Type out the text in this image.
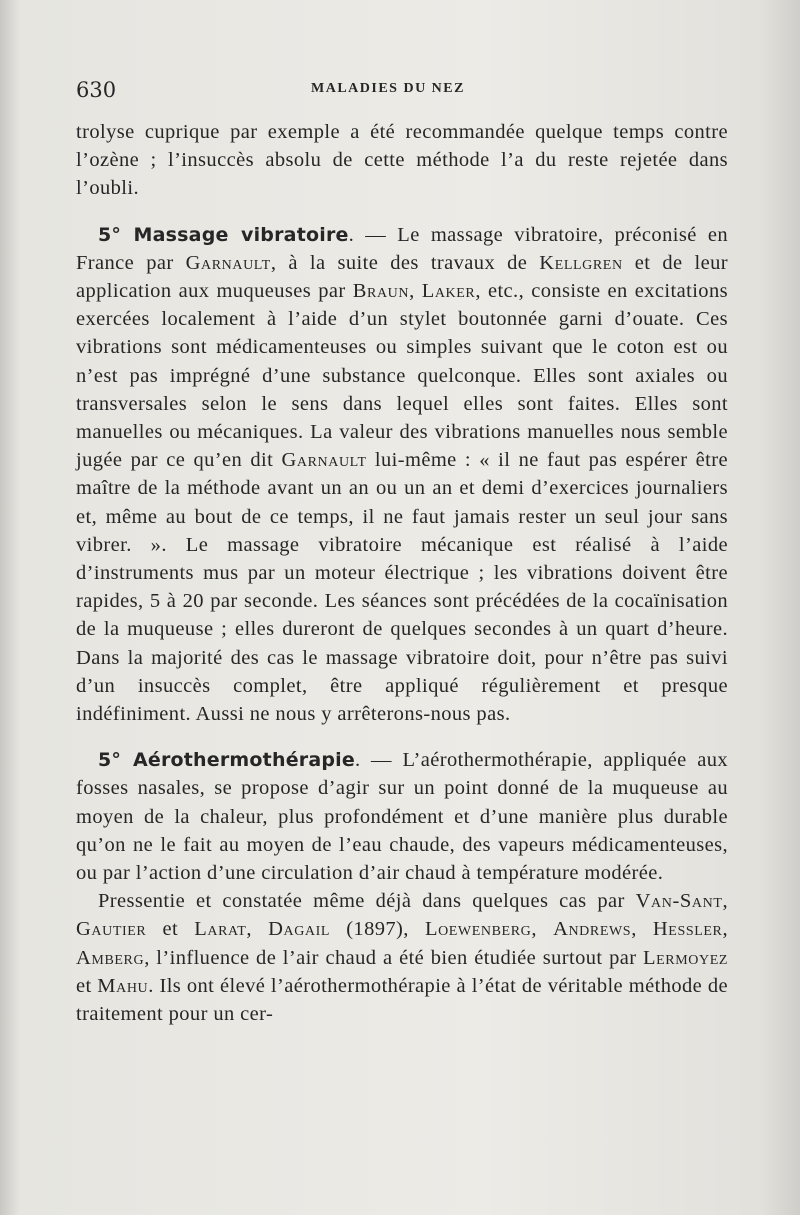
630	MALADIES DU NEZ

trolyse cuprique par exemple a été recommandée quelque temps contre l’ozène ; l’insuccès absolu de cette méthode l’a du reste rejetée dans l’oubli.

5° Massage vibratoire. — Le massage vibratoire, préconisé en France par Garnault, à la suite des travaux de Kellgren et de leur application aux muqueuses par Braun, Laker, etc., consiste en excitations exercées localement à l’aide d’un stylet boutonnée garni d’ouate. Ces vibrations sont médicamenteuses ou simples suivant que le coton est ou n’est pas imprégné d’une substance quelconque. Elles sont axiales ou transversales selon le sens dans lequel elles sont faites. Elles sont manuelles ou mécaniques. La valeur des vibrations manuelles nous semble jugée par ce qu’en dit Garnault lui-même : « il ne faut pas espérer être maître de la méthode avant un an ou un an et demi d’exercices journaliers et, même au bout de ce temps, il ne faut jamais rester un seul jour sans vibrer. ». Le massage vibratoire mécanique est réalisé à l’aide d’instruments mus par un moteur électrique ; les vibrations doivent être rapides, 5 à 20 par seconde. Les séances sont précédées de la cocaïnisation de la muqueuse ; elles dureront de quelques secondes à un quart d’heure. Dans la majorité des cas le massage vibratoire doit, pour n’être pas suivi d’un insuccès complet, être appliqué régulièrement et presque indéfiniment. Aussi ne nous y arrêterons-nous pas.

5° Aérothermothérapie. — L’aérothermothérapie, appliquée aux fosses nasales, se propose d’agir sur un point donné de la muqueuse au moyen de la chaleur, plus profondément et d’une manière plus durable qu’on ne le fait au moyen de l’eau chaude, des vapeurs médicamenteuses, ou par l’action d’une circulation d’air chaud à température modérée.

Pressentie et constatée même déjà dans quelques cas par Van-Sant, Gautier et Larat, Dagail (1897), Loewenberg, Andrews, Hessler, Amberg, l’influence de l’air chaud a été bien étudiée surtout par Lermoyez et Mahu. Ils ont élevé l’aérothermothérapie à l’état de véritable méthode de traitement pour un cer-
